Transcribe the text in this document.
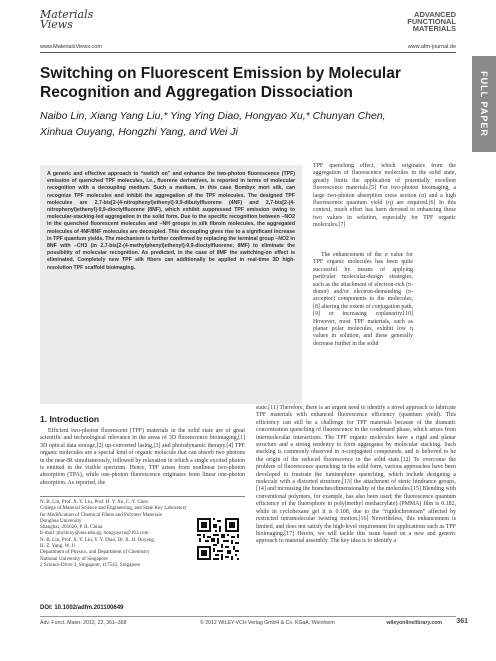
Materials Views
www.MaterialsViews.com
ADVANCED
FUNCTIONAL
MATERIALS
www.afm-journal.de
FULL PAPER
Switching on Fluorescent Emission by Molecular Recognition and Aggregation Dissociation
Naibo Lin, Xiang Yang Liu,* Ying Ying Diao, Hongyao Xu,* Chunyan Chen,
Xinhua Ouyang, Hongzhi Yang, and Wei Ji

A generic and effective approach to “switch on” and enhance the two-photon fluorescence (TPF) emission of quenched TPF molecules, i.e., fluorene derivatives, is reported in terms of molecular recognition with a decoupling medium. Such a medium, in this case Bombyx mori silk, can recognize TPF molecules and inhibit the aggregation of the TPF molecules. The designed TPF molecules are 2,7-bis[2-(4-nitrophenyl)ethenyl]-9,9-dibutylfluorene (4NF) and 2,7-bis[2-(4-nitrophenyl)ethenyl]-9,9-dioctylfluorene (8NF), which exhibit suppressed TPF emission owing to molecular-stacking-led aggregation in the solid form. Due to the specific recognition between –NO2 in the quenched fluorescent molecules and –NH groups in silk fibroin molecules, the aggregated molecules of 4NF/8NF molecules are decoupled. This decoupling gives rise to a significant increase in TPF quantum yields. The mechanism is further confirmed by replacing the terminal group –NO2 in 8NF with –CH3 (in 2,7-bis[2-(4-methylphenyl)ethenyl]-9,9-dioctylfluorene; 8MF) to eliminate the possibility of molecular recognition. As predicted, in the case of 8MF the switching-on effect is eliminated. Completely new TPF silk fibers can additionally be applied in real-time 3D high-resolution TPF scaffold bioimaging.

TPF quenching effect, which originates from the aggregation of fluorescence molecules in the solid state, greatly limits the application of potentially excellent fluorescence materials.[5] For two-photon bioimaging, a large two-photon absorption cross section (σ) and a high fluorescence quantum yield (η) are required.[6] In this context, much effort has been devoted to enhancing these two values in solution, especially for TPF organic molecules.[7]

The enhancement of the σ value for TPF organic molecules has been quite successful by means of applying particular molecular-design strategies, such as the attachment of electron-rich (π-donor) and/or electron-demanding (π-acceptor) components to the molecules,[8] altering the extent of conjugation path,[9] or increasing coplanarity.[10] However, most TPF materials, such as planar polar molecules, exhibit low η values in solution, and these generally decrease further in the solid

1. Introduction

Efficient two-photon fluorescent (TPF) materials in the solid state are of great scientific and technological relevance in the areas of 3D fluorescence bioimaging,[1] 3D optical data storage,[2] up-converted lasing,[3] and photodynamic therapy.[4] TPF organic molecules are a special kind of organic molecule that can absorb two photons in the near-IR simultaneously, followed by relaxation in which a single excited photon is emitted in the visible spectrum. Hence, TPF arises from nonlinear two-photon absorption (TPA), while one-photon fluorescence originates from linear one-photon absorption. As reported, the

state.[11] Therefore, there is an urgent need to identify a novel approach to fabricate TPF materials with enhanced fluorescence efficiency (quantum yield). This efficiency can still be a challenge for TPF materials because of the dramatic concentration quenching of fluorescence in the condensed phase, which arises from intermolecular interactions. The TPF organic molecules have a rigid and planar structure and a strong tendency to form aggregates by molecular stacking. Such stacking is commonly observed in π-conjugated compounds, and is believed to be the origin of the reduced fluorescence in the solid state.[12] To overcome the problem of fluorescence quenching in the solid form, various approaches have been developed to frustrate the luminophore quenching, which include designing a molecule with a distorted structure,[13] the attachment of steric hindrance groups,[14] and increasing the branches/dimensionality of the molecules.[15] Blending with conventional polymers, for example, has also been used; the fluorescence quantum efficiency of the fluorophore in poly(methyl methacrylate) (PMMA) film is 0.182, while in cyclohexane gel it is 0.108, due to the “rigidochromism” affected by restricted intramolecular twisting motion.[16] Nevertheless, this enhancement is limited, and does not satisfy the high-level requirement for applications such as TPF bioimaging.[17] Herein, we will tackle this issue based on a new and generic approach to material assembly. The key idea is to identify a

N. B. Lin, Prof. X. Y. Liu, Prof. H. Y. Xu, C. Y. Chen
College of Material Science and Engineering, and State Key Laboratory
for Modification of Chemical Fibers and Polymer Materials
Donghua University
Shanghai, 201620, P. R. China
E-mail: phyliuxy@nus.edu.sg; hongyaoxu@163.com
N. B. Lin, Prof. X. Y. Liu, Y. Y. Diao, Dr. X. H. Ouyang,
H. Z. Yang, W. Ji
Department of Physics, and Department of Chemistry
National University of Singapore
2 Science Drive 3, Singapore, 117542, Singapore
DOI: 10.1002/adfm.201100649
Adv. Funct. Mater. 2012, 22, 361–368	© 2012 WILEY-VCH Verlag GmbH & Co. KGaA, Weinheim	wileyonlinelibrary.com 361
